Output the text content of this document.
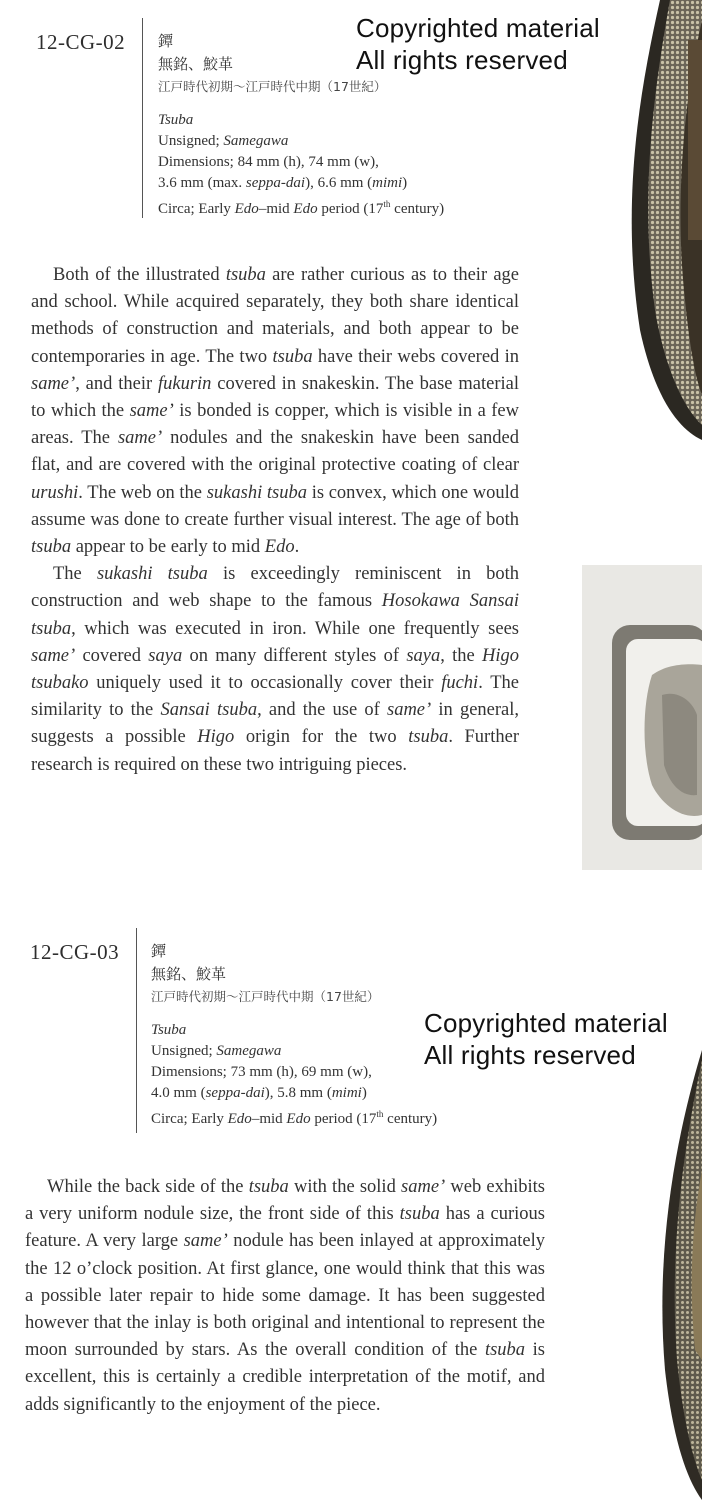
Copyrighted material
All rights reserved
Copyrighted material
All rights reserved
12-CG-02 鐔
無銘、鮫革
江戸時代初期～江戸時代中期（17世紀）
Tsuba
Unsigned; Samegawa
Dimensions; 84 mm (h), 74 mm (w),
3.6 mm (max. seppa-dai), 6.6 mm (mimi)
Circa; Early Edo–mid Edo period (17th century)

Both of the illustrated tsuba are rather curious as to their age and school. While acquired separately, they both share identical methods of construction and materials, and both appear to be contemporaries in age. The two tsuba have their webs covered in same’, and their fukurin covered in snakeskin. The base material to which the same’ is bonded is copper, which is visible in a few areas. The same’ nodules and the snakeskin have been sanded flat, and are covered with the original protective coating of clear urushi. The web on the sukashi tsuba is convex, which one would assume was done to create further visual interest. The age of both tsuba appear to be early to mid Edo.

The sukashi tsuba is exceedingly reminiscent in both construction and web shape to the famous Hosokawa Sansai tsuba, which was executed in iron. While one frequently sees same’ covered saya on many different styles of saya, the Higo tsubako uniquely used it to occasionally cover their fuchi. The similarity to the Sansai tsuba, and the use of same’ in general, suggests a possible Higo origin for the two tsuba. Further research is required on these two intriguing pieces.

12-CG-03 鐔
無銘、鮫革
江戸時代初期～江戸時代中期（17世紀）
Tsuba
Unsigned; Samegawa
Dimensions; 73 mm (h), 69 mm (w),
4.0 mm (seppa-dai), 5.8 mm (mimi)
Circa; Early Edo–mid Edo period (17th century)

While the back side of the tsuba with the solid same’ web exhibits a very uniform nodule size, the front side of this tsuba has a curious feature. A very large same’ nodule has been inlayed at approximately the 12 o’clock position. At first glance, one would think that this was a possible later repair to hide some damage. It has been suggested however that the inlay is both original and intentional to represent the moon surrounded by stars. As the overall condition of the tsuba is excellent, this is certainly a credible interpretation of the motif, and adds significantly to the enjoyment of the piece.
